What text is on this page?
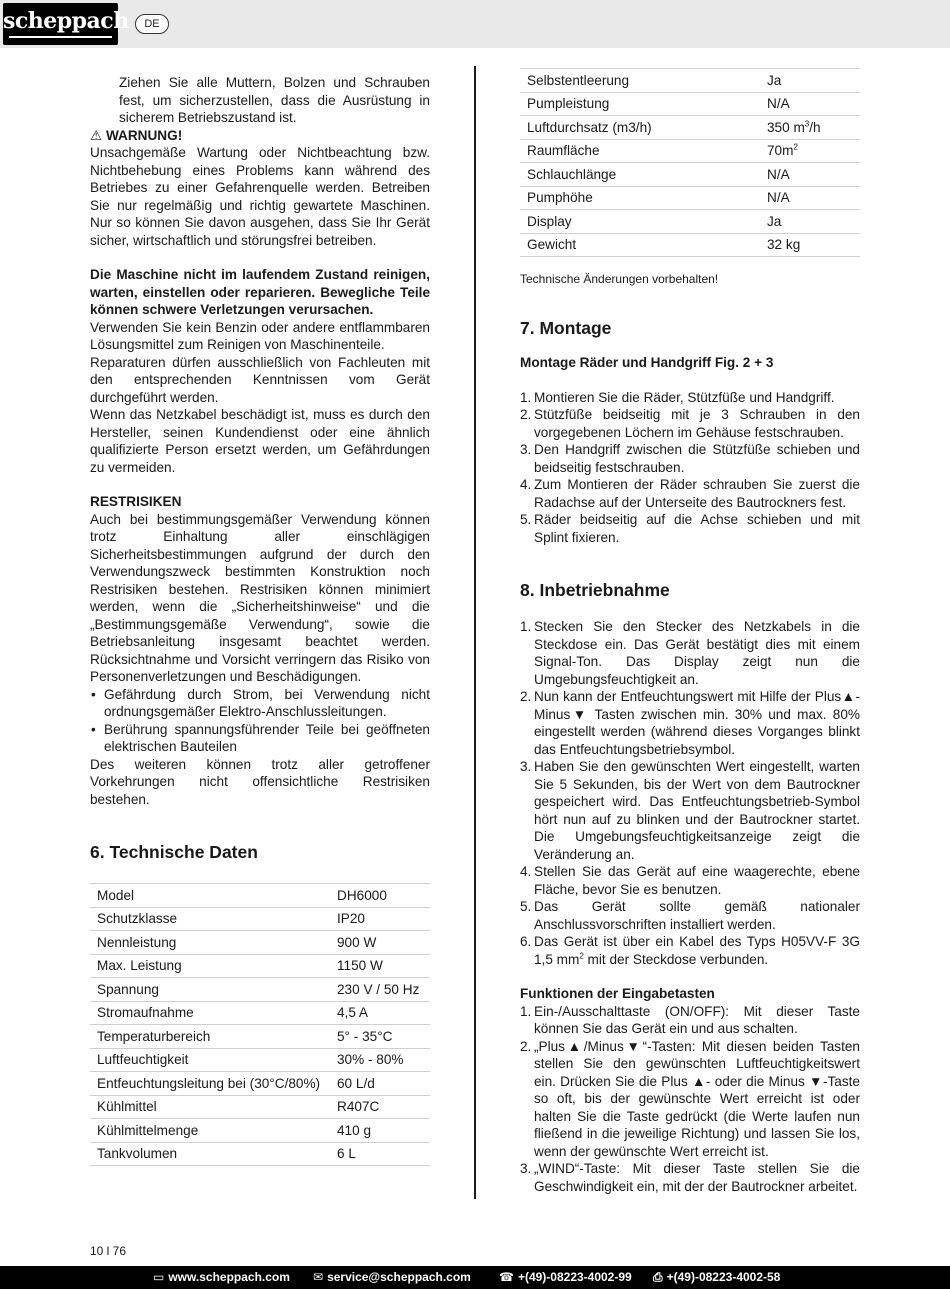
scheppach	DE

Ziehen Sie alle Muttern, Bolzen und Schrauben fest, um sicherzustellen, dass die Ausrüstung in sicherem Betriebszustand ist.

⚠ WARNUNG!

Unsachgemäße Wartung oder Nichtbeachtung bzw. Nichtbehebung eines Problems kann während des Betriebes zu einer Gefahrenquelle werden. Betreiben Sie nur regelmäßig und richtig gewartete Maschinen. Nur so können Sie davon ausgehen, dass Sie Ihr Gerät sicher, wirtschaftlich und störungsfrei betreiben.

Die Maschine nicht im laufendem Zustand reinigen, warten, einstellen oder reparieren. Bewegliche Teile können schwere Verletzungen verursachen.

Verwenden Sie kein Benzin oder andere entflammbaren Lösungsmittel zum Reinigen von Maschinenteile.

Reparaturen dürfen ausschließlich von Fachleuten mit den entsprechenden Kenntnissen vom Gerät durchgeführt werden.

Wenn das Netzkabel beschädigt ist, muss es durch den Hersteller, seinen Kundendienst oder eine ähnlich qualifizierte Person ersetzt werden, um Gefährdungen zu vermeiden.

RESTRISIKEN

Auch bei bestimmungsgemäßer Verwendung können trotz Einhaltung aller einschlägigen Sicherheitsbestimmungen aufgrund der durch den Verwendungszweck bestimmten Konstruktion noch Restrisiken bestehen. Restrisiken können minimiert werden, wenn die „Sicherheitshinweise“ und die „Bestimmungsgemäße Verwendung“, sowie die Betriebsanleitung insgesamt beachtet werden. Rücksichtnahme und Vorsicht verringern das Risiko von Personenverletzungen und Beschädigungen.

• Gefährdung durch Strom, bei Verwendung nicht ordnungsgemäßer Elektro-Anschlussleitungen.
• Berührung spannungsführender Teile bei geöffneten elektrischen Bauteilen

Des weiteren können trotz aller getroffener Vorkehrungen nicht offensichtliche Restrisiken bestehen.

6. Technische Daten
Model	DH6000
Schutzklasse	IP20
Nennleistung	900 W
Max. Leistung	1150 W
Spannung	230 V / 50 Hz
Stromaufnahme	4,5 A
Temperaturbereich	5° - 35°C
Luftfeuchtigkeit	30% - 80%
Entfeuchtungsleitung bei (30°C/80%)	60 L/d
Kühlmittel	R407C
Kühlmittelmenge	410 g
Tankvolumen	6 L
Selbstentleerung	Ja
Pumpleistung	N/A
Luftdurchsatz (m3/h)	350 $m^3/h$
Raumfläche	$70m^2$
Schlauchlänge	N/A
Pumphöhe	N/A
Display	Ja
Gewicht	32 kg

Technische Änderungen vorbehalten!

7. Montage
Montage Räder und Handgriff Fig. 2 + 3
1. Montieren Sie die Räder, Stützfüße und Handgriff.
2. Stützfüße beidseitig mit je 3 Schrauben in den vorgegebenen Löchern im Gehäuse festschrauben.
3. Den Handgriff zwischen die Stützfüße schieben und beidseitig festschrauben.
4. Zum Montieren der Räder schrauben Sie zuerst die Radachse auf der Unterseite des Bautrockners fest.
5. Räder beidseitig auf die Achse schieben und mit Splint fixieren.
8. Inbetriebnahme
1. Stecken Sie den Stecker des Netzkabels in die Steckdose ein. Das Gerät bestätigt dies mit einem Signal-Ton. Das Display zeigt nun die Umgebungsfeuchtigkeit an.
2. Nun kann der Entfeuchtungswert mit Hilfe der Plus▲-Minus▼ Tasten zwischen min. 30% und max. 80% eingestellt werden (während dieses Vorganges blinkt das Entfeuchtungsbetriebsymbol.
3. Haben Sie den gewünschten Wert eingestellt, warten Sie 5 Sekunden, bis der Wert von dem Bautrockner gespeichert wird. Das Entfeuchtungsbetrieb-Symbol hört nun auf zu blinken und der Bautrockner startet. Die Umgebungsfeuchtigkeitsanzeige zeigt die Veränderung an.
4. Stellen Sie das Gerät auf eine waagerechte, ebene Fläche, bevor Sie es benutzen.
5. Das Gerät sollte gemäß nationaler Anschlussvorschriften installiert werden.
6. Das Gerät ist über ein Kabel des Typs H05VV-F 3G 1,5 $mm^2$ mit der Steckdose verbunden.
Funktionen der Eingabetasten
1. Ein-/Ausschalttaste (ON/OFF): Mit dieser Taste können Sie das Gerät ein und aus schalten.
2. „Plus▲/Minus▼“-Tasten: Mit diesen beiden Tasten stellen Sie den gewünschten Luftfeuchtigkeitswert ein. Drücken Sie die Plus ▲- oder die Minus ▼-Taste so oft, bis der gewünschte Wert erreicht ist oder halten Sie die Taste gedrückt (die Werte laufen nun fließend in die jeweilige Richtung) und lassen Sie los, wenn der gewünschte Wert erreicht ist.
3. „WIND“-Taste: Mit dieser Taste stellen Sie die Geschwindigkeit ein, mit der der Bautrockner arbeitet.
10 l 76
▭ www.scheppach.com ✉ service@scheppach.com ☎ +(49)-08223-4002-99 ⎙ +(49)-08223-4002-58
